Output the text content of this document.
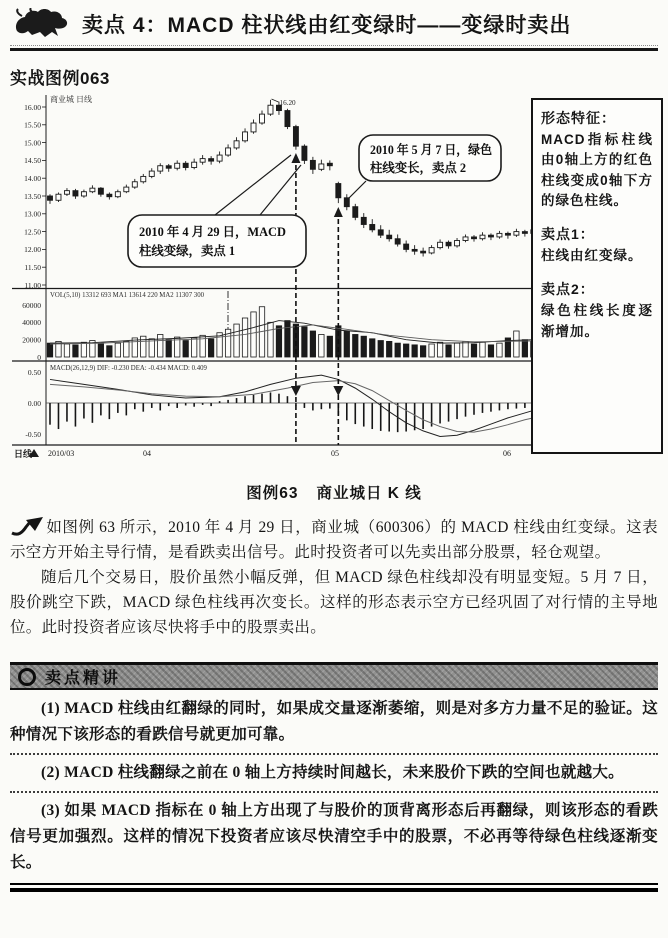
卖点 4：MACD 柱状线由红变绿时——变绿时卖出
实战图例063
16.00
15.50
15.00
14.50
14.00
13.50
13.00
12.50
12.00
11.50
11.00
60000
40000
20000
0
0.50
0.00
-0.50
2010/03	04	05	06
日线
商业城 日线
VOL(5,10) 13312 693 MA1 13614 220 MA2 11307 300
MACD(26,12,9) DIF: -0.230 DEA: -0.434 MACD: 0.409
16.20
2010 年 4 月 29 日，MACD
柱线变绿，卖点 1
2010 年 5 月 7 日，绿色
柱线变长，卖点 2
形态特征：

MACD指标柱线由0轴上方的红色柱线变成0轴下方的绿色柱线。

卖点1：

柱线由红变绿。

卖点2：

绿色柱线长度逐渐增加。

图例63 商业城日 K 线

如图例 63 所示，2010 年 4 月 29 日，商业城（600306）的 MACD 柱线由红变绿。这表示空方开始主导行情，是看跌卖出信号。此时投资者可以先卖出部分股票，轻仓观望。

随后几个交易日，股价虽然小幅反弹，但 MACD 绿色柱线却没有明显变短。5 月 7 日，股价跳空下跌，MACD 绿色柱线再次变长。这样的形态表示空方已经巩固了对行情的主导地位。此时投资者应该尽快将手中的股票卖出。

卖点精讲

(1) MACD 柱线由红翻绿的同时，如果成交量逐渐萎缩，则是对多方力量不足的验证。这种情况下该形态的看跌信号就更加可靠。

(2) MACD 柱线翻绿之前在 0 轴上方持续时间越长，未来股价下跌的空间也就越大。

(3) 如果 MACD 指标在 0 轴上方出现了与股价的顶背离形态后再翻绿，则该形态的看跌信号更加强烈。这样的情况下投资者应该尽快清空手中的股票，不必再等待绿色柱线逐渐变长。
